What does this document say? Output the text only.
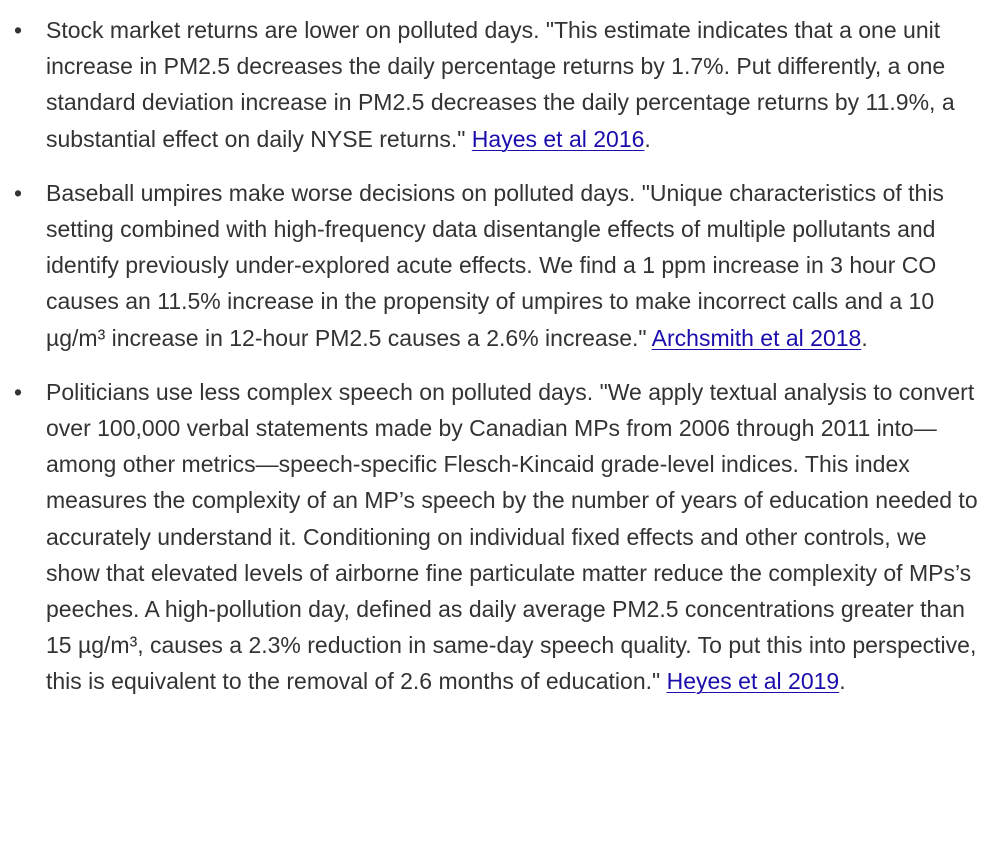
• Stock market returns are lower on polluted days. "This estimate indicates that a one unit increase in PM2.5 decreases the daily percentage returns by 1.7%. Put differently, a one standard deviation increase in PM2.5 decreases the daily percentage returns by 11.9%, a substantial effect on daily NYSE returns." Hayes et al 2016.
• Baseball umpires make worse decisions on polluted days. "Unique characteristics of this setting combined with high-frequency data disentangle effects of multiple pollutants and identify previously under-explored acute effects. We find a 1 ppm increase in 3 hour CO causes an 11.5% increase in the propensity of umpires to make incorrect calls and a 10 µg/m³ increase in 12-hour PM2.5 causes a 2.6% increase." Archsmith et al 2018.
• Politicians use less complex speech on polluted days. "We apply textual analysis to convert over 100,000 verbal statements made by Canadian MPs from 2006 through 2011 into—among other metrics—speech-specific Flesch-Kincaid grade-level indices. This index measures the complexity of an MP’s speech by the number of years of education needed to accurately understand it. Conditioning on individual fixed effects and other controls, we show that elevated levels of airborne fine particulate matter reduce the complexity of MPs’s peeches. A high-pollution day, defined as daily average PM2.5 concentrations greater than 15 µg/m³, causes a 2.3% reduction in same-day speech quality. To put this into perspective, this is equivalent to the removal of 2.6 months of education." Heyes et al 2019.
